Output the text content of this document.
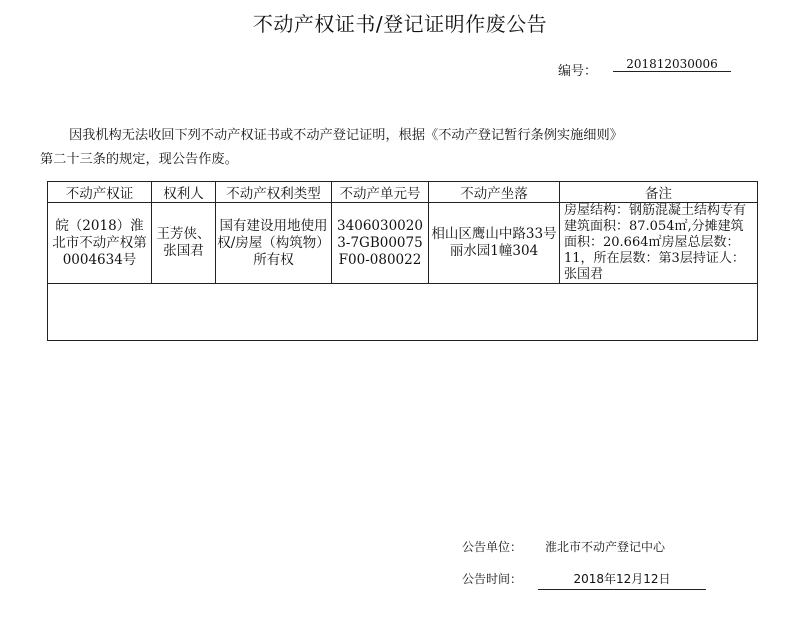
不动产权证书/登记证明作废公告
编号：	201812030006
因我机构无法收回下列不动产权证书或不动产登记证明，根据《不动产登记暂行条例实施细则》
第二十三条的规定，现公告作废。
不动产权证	权利人	不动产权利类型	不动产单元号	不动产坐落	备注
皖（2018）淮北市不动产权第0004634号	王芳侠、张国君	国有建设用地使用权/房屋（构筑物）所有权	34060300203-7GB00075F00-080022	相山区鹰山中路33号丽水园1幢304	房屋结构：钢筋混凝土结构专有建筑面积：87.054㎡,分摊建筑面积：20.664㎡房屋总层数：11，所在层数：第3层持证人：张国君

公告单位： 淮北市不动产登记中心
公告时间：	2018年12月12日
